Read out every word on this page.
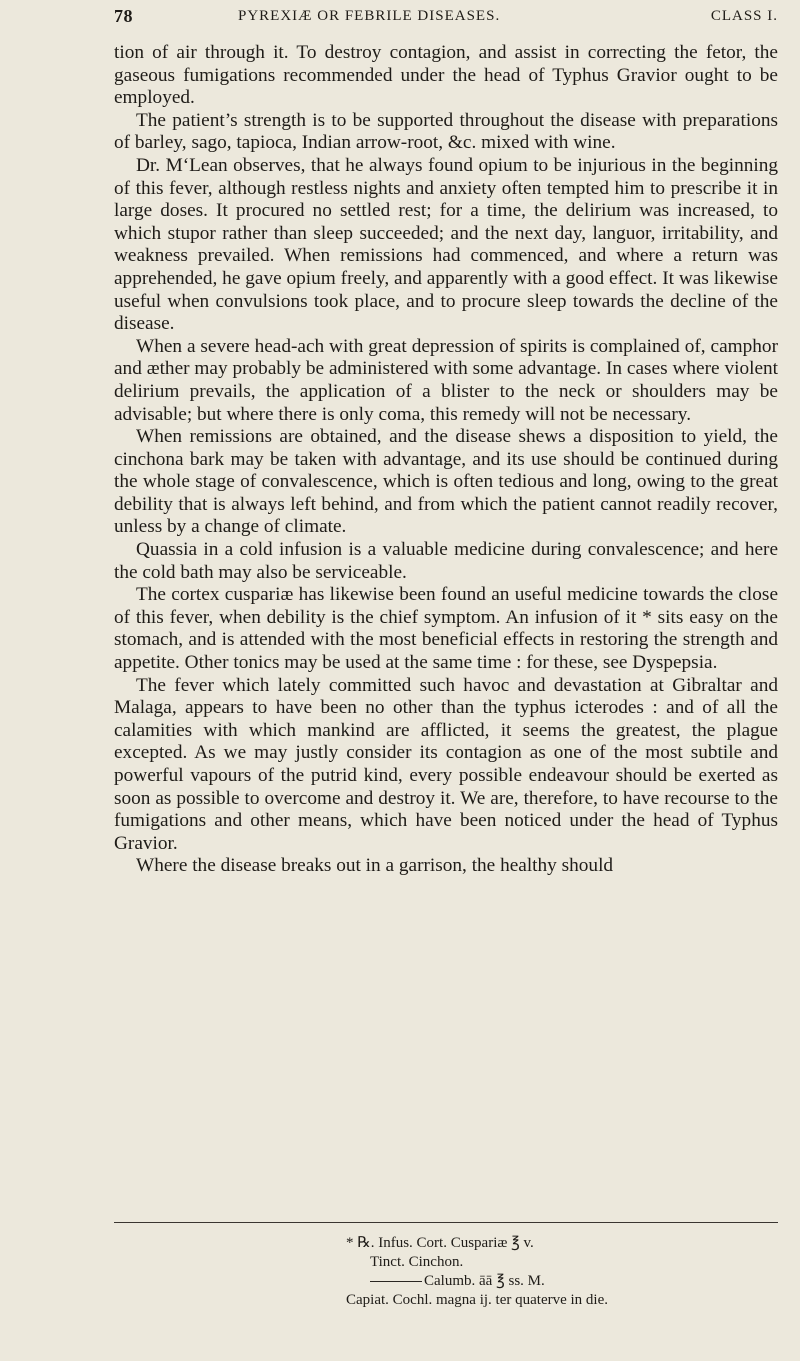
78	PYREXIÆ OR FEBRILE DISEASES.	CLASS I.

tion of air through it. To destroy contagion, and assist in correcting the fetor, the gaseous fumigations recommended under the head of Typhus Gravior ought to be employed.

The patient’s strength is to be supported throughout the disease with preparations of barley, sago, tapioca, Indian arrow-root, &c. mixed with wine.

Dr. M‘Lean observes, that he always found opium to be injurious in the beginning of this fever, although restless nights and anxiety often tempted him to prescribe it in large doses. It procured no settled rest; for a time, the delirium was increased, to which stupor rather than sleep succeeded; and the next day, languor, irritability, and weakness prevailed. When remissions had commenced, and where a return was apprehended, he gave opium freely, and apparently with a good effect. It was likewise useful when convulsions took place, and to procure sleep towards the decline of the disease.

When a severe head-ach with great depression of spirits is complained of, camphor and æther may probably be administered with some advantage. In cases where violent delirium prevails, the application of a blister to the neck or shoulders may be advisable; but where there is only coma, this remedy will not be necessary.

When remissions are obtained, and the disease shews a disposition to yield, the cinchona bark may be taken with advantage, and its use should be continued during the whole stage of convalescence, which is often tedious and long, owing to the great debility that is always left behind, and from which the patient cannot readily recover, unless by a change of climate.

Quassia in a cold infusion is a valuable medicine during convalescence; and here the cold bath may also be serviceable.

The cortex cuspariæ has likewise been found an useful medicine towards the close of this fever, when debility is the chief symptom. An infusion of it * sits easy on the stomach, and is attended with the most beneficial effects in restoring the strength and appetite. Other tonics may be used at the same time : for these, see Dyspepsia.

The fever which lately committed such havoc and devastation at Gibraltar and Malaga, appears to have been no other than the typhus icterodes : and of all the calamities with which mankind are afflicted, it seems the greatest, the plague excepted. As we may justly consider its contagion as one of the most subtile and powerful vapours of the putrid kind, every possible endeavour should be exerted as soon as possible to overcome and destroy it. We are, therefore, to have recourse to the fumigations and other means, which have been noticed under the head of Typhus Gravior.

Where the disease breaks out in a garrison, the healthy should

* ℞. Infus. Cort. Cuspariæ ℥ v.
Tinct. Cinchon.
Calumb. āā ℥ ss. M.
Capiat. Cochl. magna ij. ter quaterve in die.
